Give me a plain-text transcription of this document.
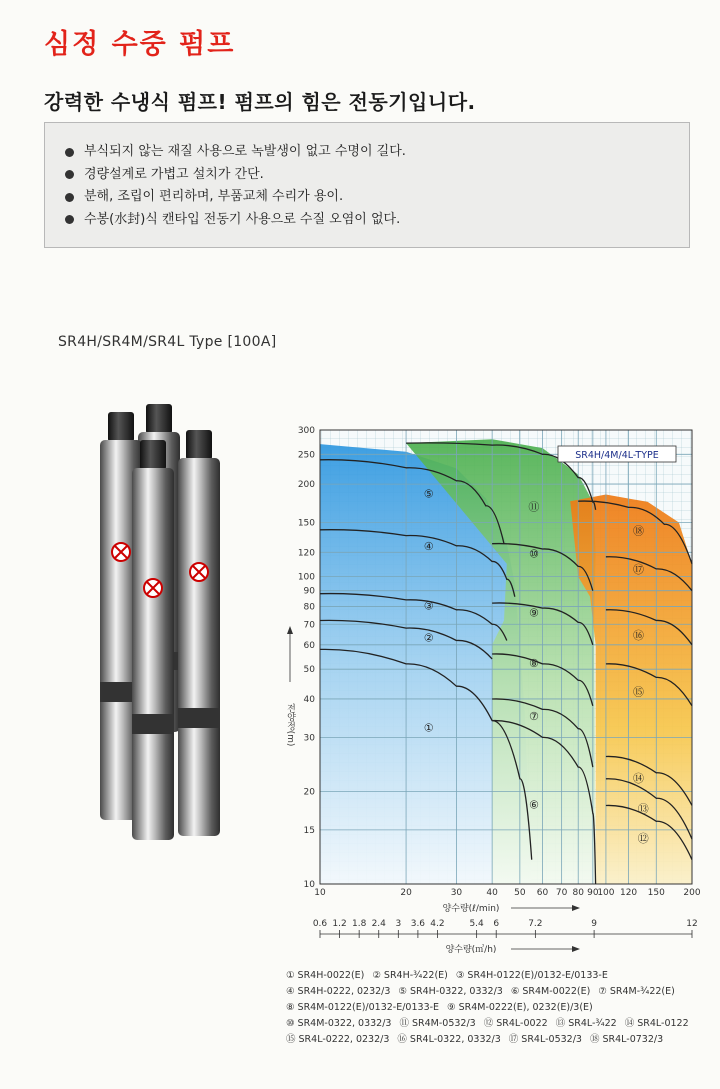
심정 수중 펌프
강력한 수냉식 펌프! 펌프의 힘은 전동기입니다.
부식되지 않는 재질 사용으로 녹발생이 없고 수명이 길다.
경량설계로 가볍고 설치가 간단.
분해, 조립이 편리하며, 부품교체 수리가 용이.
수봉(水封)식 캔타입 전동기 사용으로 수질 오염이 없다.
SR4H/SR4M/SR4L Type [100A]
①
②
③
④
⑤
⑥
⑦
⑧
⑨
⑩
⑪
⑫
⑬
⑭
⑮
⑯
⑰
⑱
SR4H/4M/4L-TYPE
10
15
20
30
40
50
60
70
80
90
100
120
150
200
250
300
전양정(m)
10	20	30	40 50 60 70 80 90
100 120 150 200
양수량(ℓ/min)
0.6 1.2 1.8 2.4 3 3.6 4.2	5.4 6	7.2	9	12
양수량(㎥/h)
① SR4H-0022(E) ② SR4H-¾22(E) ③ SR4H-0122(E)/0132-E/0133-E
④ SR4H-0222, 0232/3 ⑤ SR4H-0322, 0332/3 ⑥ SR4M-0022(E) ⑦ SR4M-¾22(E)
⑧ SR4M-0122(E)/0132-E/0133-E ⑨ SR4M-0222(E), 0232(E)/3(E)
⑩ SR4M-0322, 0332/3 ⑪ SR4M-0532/3 ⑫ SR4L-0022 ⑬ SR4L-¾22 ⑭ SR4L-0122
⑮ SR4L-0222, 0232/3 ⑯ SR4L-0322, 0332/3 ⑰ SR4L-0532/3 ⑱ SR4L-0732/3
